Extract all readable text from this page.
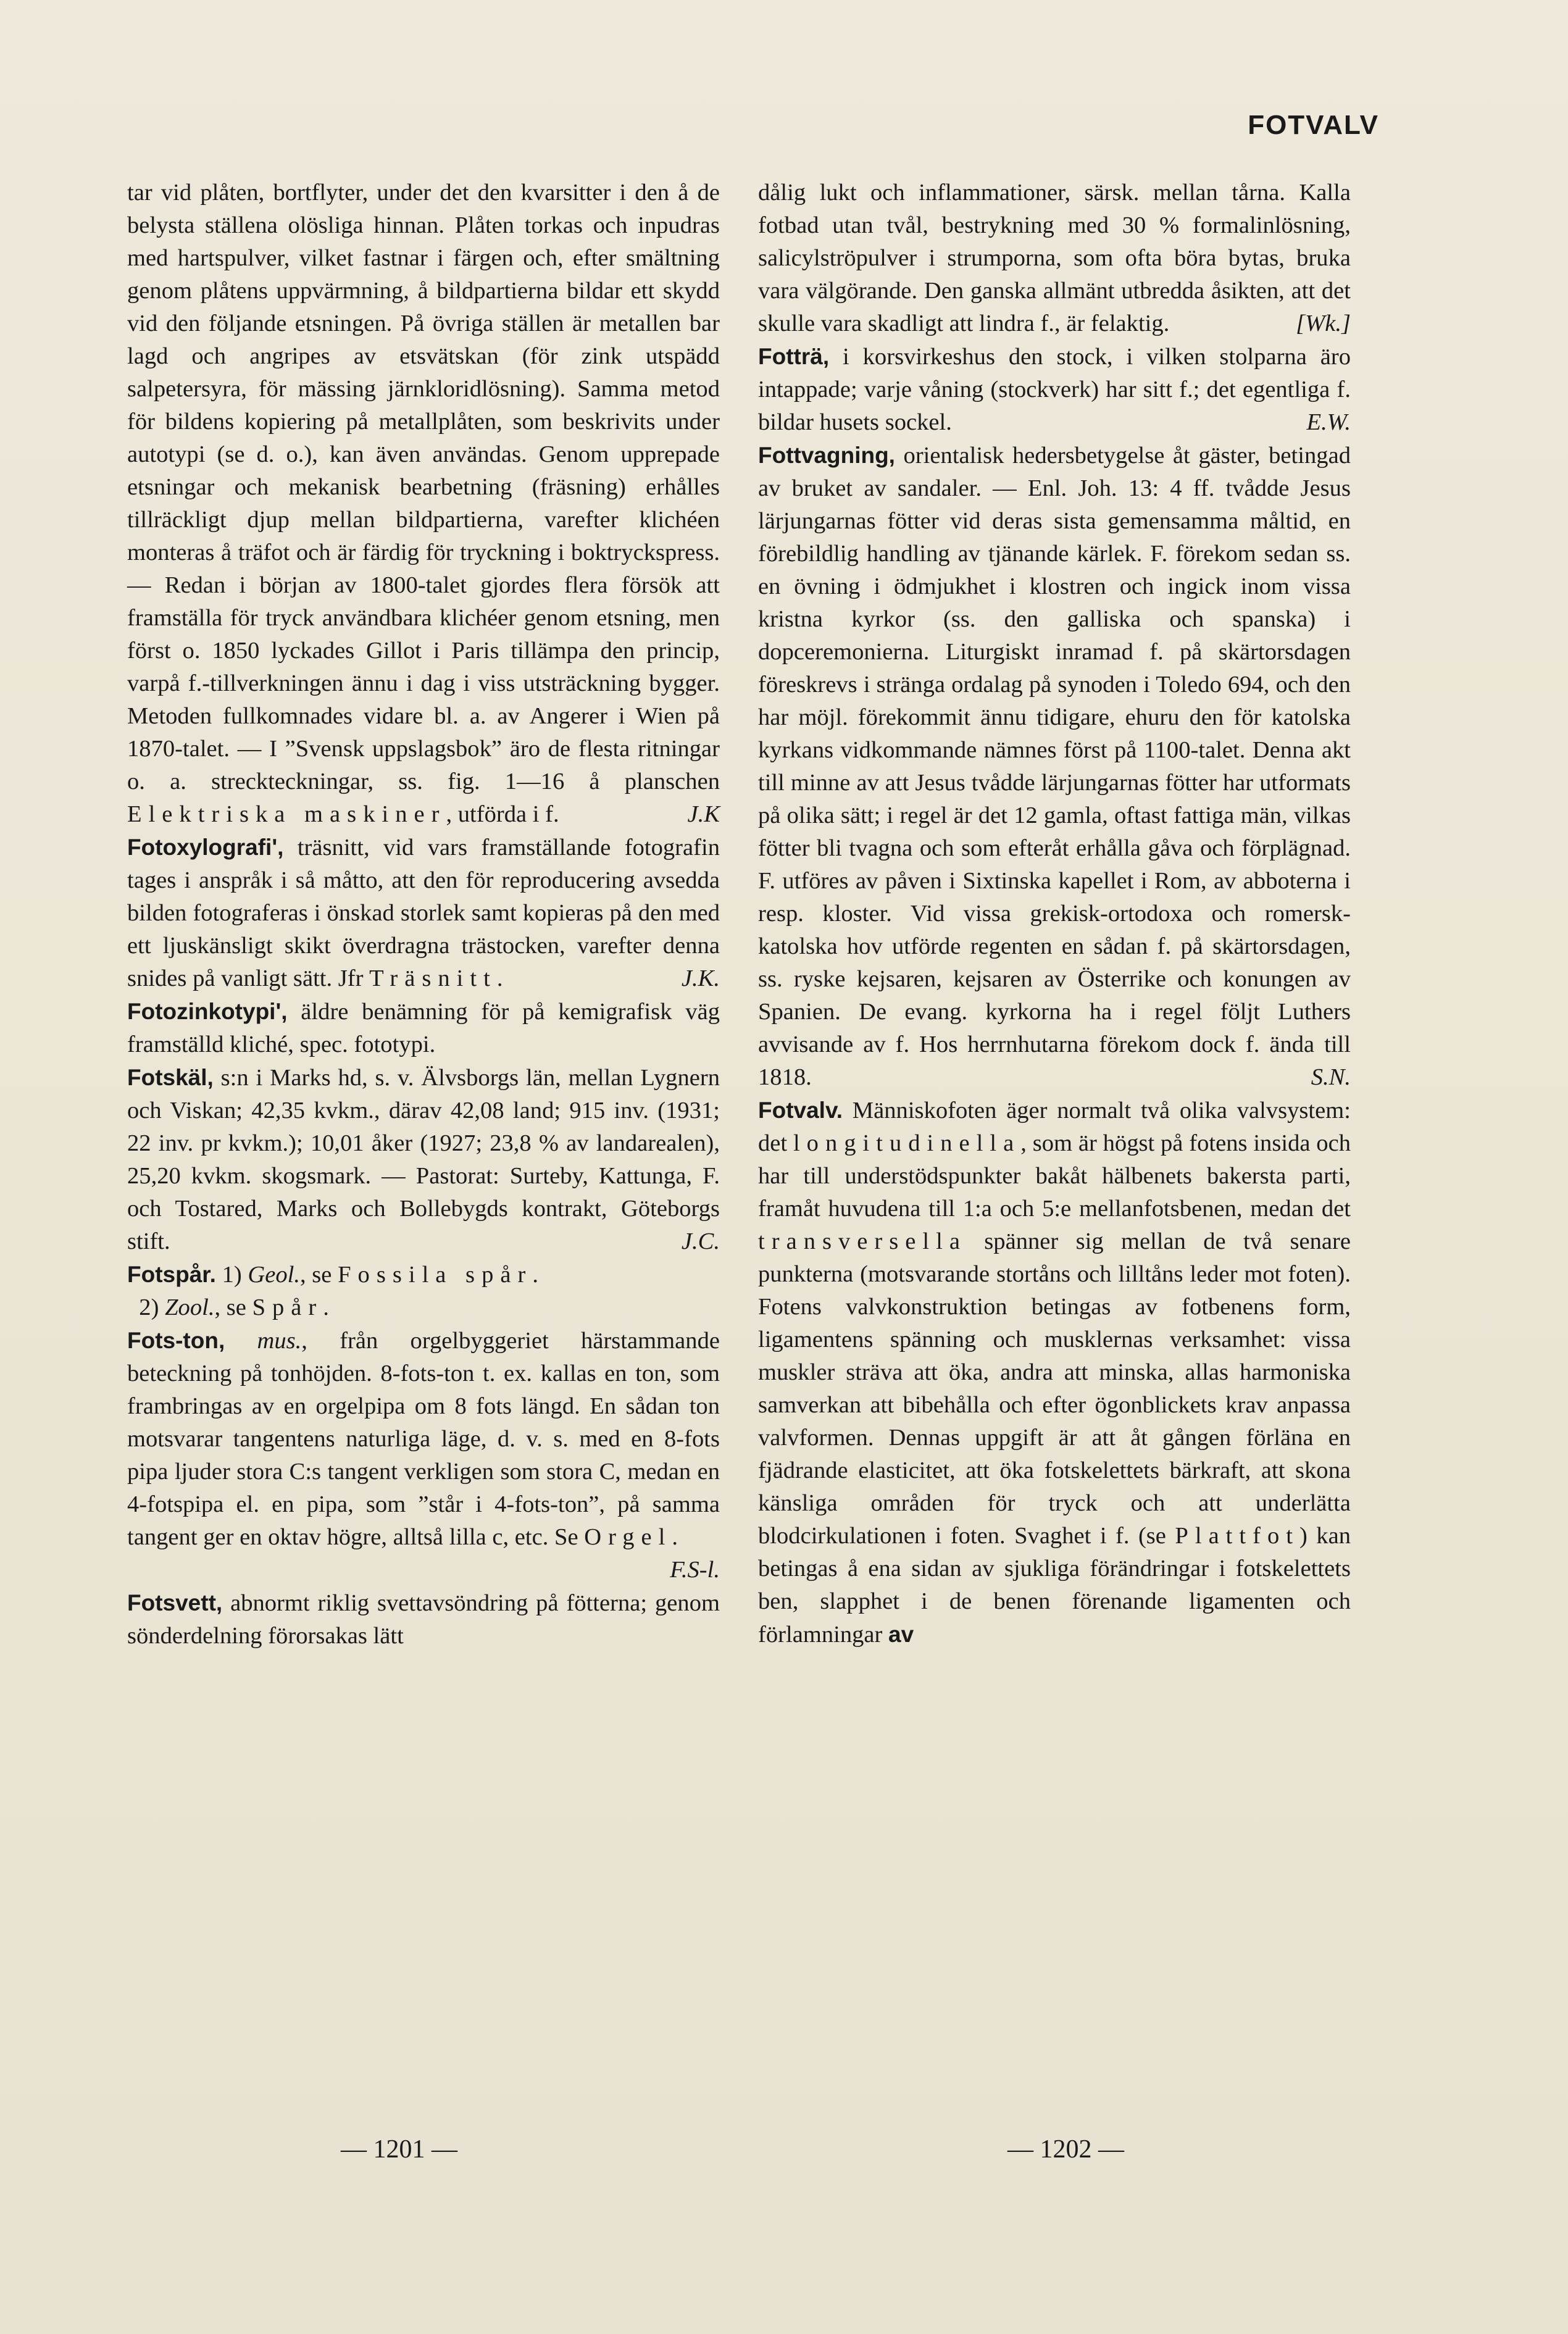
FOTVALV

tar vid plåten, bortflyter, under det den kvarsitter i den å de belysta ställena olösliga hinnan. Plåten torkas och inpudras med hartspulver, vilket fastnar i färgen och, efter smältning genom plåtens uppvärmning, å bildpartierna bildar ett skydd vid den följande etsningen. På övriga ställen är metallen bar lagd och angripes av etsvätskan (för zink utspädd salpetersyra, för mässing järnkloridlösning). Samma metod för bildens kopiering på metallplåten, som beskrivits under autotypi (se d. o.), kan även användas. Genom upprepade etsningar och mekanisk bearbetning (fräsning) erhålles tillräckligt djup mellan bildpartierna, varefter klichéen monteras å träfot och är färdig för tryckning i boktryckspress. — Redan i början av 1800-talet gjordes flera försök att framställa för tryck användbara klichéer genom etsning, men först o. 1850 lyckades Gillot i Paris tillämpa den princip, varpå f.-tillverkningen ännu i dag i viss utsträckning bygger. Metoden fullkomnades vidare bl. a. av Angerer i Wien på 1870-talet. — I ”Svensk uppslagsbok” äro de flesta ritningar o. a. streckteckningar, ss. fig. 1—16 å planschen Elektriska maskiner, utförda i f.	J.K

Fotoxylografi', träsnitt, vid vars framställande fotografin tages i anspråk i så måtto, att den för reproducering avsedda bilden fotograferas i önskad storlek samt kopieras på den med ett ljuskänsligt skikt överdragna trästocken, varefter denna snides på vanligt sätt. Jfr Träsnitt.	J.K.

Fotozinkotypi', äldre benämning för på kemigrafisk väg framställd kliché, spec. fototypi.

Fotskäl, s:n i Marks hd, s. v. Älvsborgs län, mellan Lygnern och Viskan; 42,35 kvkm., därav 42,08 land; 915 inv. (1931; 22 inv. pr kvkm.); 10,01 åker (1927; 23,8 % av landarealen), 25,20 kvkm. skogsmark. — Pastorat: Surteby, Kattunga, F. och Tostared, Marks och Bollebygds kontrakt, Göteborgs stift.	J.C.

Fotspår. 1) Geol., se Fossila spår.
2) Zool., se Spår.

Fots-ton, mus., från orgelbyggeriet härstammande beteckning på tonhöjden. 8-fots-ton t. ex. kallas en ton, som frambringas av en orgelpipa om 8 fots längd. En sådan ton motsvarar tangentens naturliga läge, d. v. s. med en 8-fots pipa ljuder stora C:s tangent verkligen som stora C, medan en 4-fotspipa el. en pipa, som ”står i 4-fots-ton”, på samma tangent ger en oktav högre, alltså lilla c, etc. Se Orgel.
F.S-l.

Fotsvett, abnormt riklig svettavsöndring på fötterna; genom sönderdelning förorsakas lätt

dålig lukt och inflammationer, särsk. mellan tårna. Kalla fotbad utan tvål, bestrykning med 30 % formalinlösning, salicylströpulver i strumporna, som ofta böra bytas, bruka vara välgörande. Den ganska allmänt utbredda åsikten, att det skulle vara skadligt att lindra f., är felaktig.	[Wk.]

Fotträ, i korsvirkeshus den stock, i vilken stolparna äro intappade; varje våning (stockverk) har sitt f.; det egentliga f. bildar husets sockel.	E.W.

Fottvagning, orientalisk hedersbetygelse åt gäster, betingad av bruket av sandaler. — Enl. Joh. 13: 4 ff. tvådde Jesus lärjungarnas fötter vid deras sista gemensamma måltid, en förebildlig handling av tjänande kärlek. F. förekom sedan ss. en övning i ödmjukhet i klostren och ingick inom vissa kristna kyrkor (ss. den galliska och spanska) i dopceremonierna. Liturgiskt inramad f. på skärtorsdagen föreskrevs i stränga ordalag på synoden i Toledo 694, och den har möjl. förekommit ännu tidigare, ehuru den för katolska kyrkans vidkommande nämnes först på 1100-talet. Denna akt till minne av att Jesus tvådde lärjungarnas fötter har utformats på olika sätt; i regel är det 12 gamla, oftast fattiga män, vilkas fötter bli tvagna och som efteråt erhålla gåva och förplägnad. F. utföres av påven i Sixtinska kapellet i Rom, av abboterna i resp. kloster. Vid vissa grekisk-ortodoxa och romersk-katolska hov utförde regenten en sådan f. på skärtorsdagen, ss. ryske kejsaren, kejsaren av Österrike och konungen av Spanien. De evang. kyrkorna ha i regel följt Luthers avvisande av f. Hos herrnhutarna förekom dock f. ända till 1818.	S.N.

Fotvalv. Människofoten äger normalt två olika valvsystem: det longitudinella, som är högst på fotens insida och har till understödspunkter bakåt hälbenets bakersta parti, framåt huvudena till 1:a och 5:e mellanfotsbenen, medan det transversella spänner sig mellan de två senare punkterna (motsvarande stortåns och lilltåns leder mot foten). Fotens valvkonstruktion betingas av fotbenens form, ligamentens spänning och musklernas verksamhet: vissa muskler sträva att öka, andra att minska, allas harmoniska samverkan att bibehålla och efter ögonblickets krav anpassa valvformen. Dennas uppgift är att åt gången förläna en fjädrande elasticitet, att öka fotskelettets bärkraft, att skona känsliga områden för tryck och att underlätta blodcirkulationen i foten. Svaghet i f. (se Plattfot) kan betingas å ena sidan av sjukliga förändringar i fotskelettets ben, slapphet i de benen förenande ligamenten och förlamningar av

— 1201 —	— 1202 —
